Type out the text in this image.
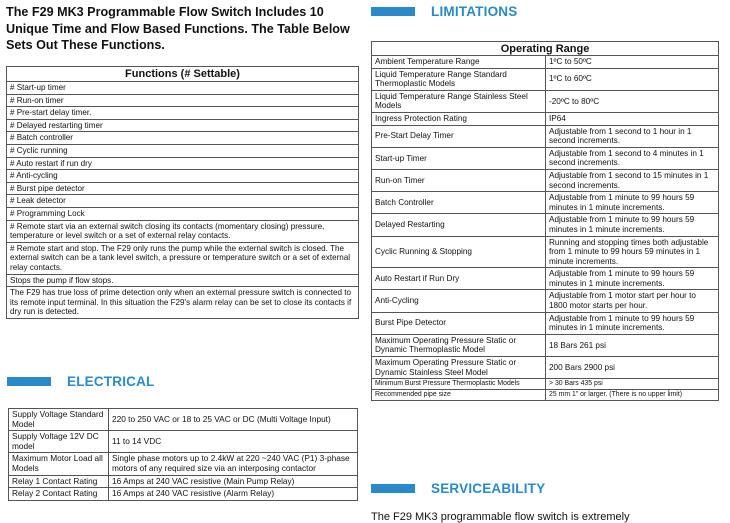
The F29 MK3 Programmable Flow Switch Includes 10 Unique Time and Flow Based Functions. The Table Below Sets Out These Functions.
Functions (# Settable)
# Start-up timer
# Run-on timer
# Pre-start delay timer.
# Delayed restarting timer
# Batch controller
# Cyclic running
# Auto restart if run dry
# Anti-cycling
# Burst pipe detector
# Leak detector
# Programming Lock
# Remote start via an external switch closing its contacts (momentary closing) pressure, temperature or level switch or a set of external relay contacts.
# Remote start and stop. The F29 only runs the pump while the external switch is closed. The external switch can be a tank level switch, a pressure or temperature switch or a set of external relay contacts.
Stops the pump if flow stops.
The F29 has true loss of prime detection only when an external pressure switch is connected to its remote input terminal. In this situation the F29's alarm relay can be set to close its contacts if dry run is detected.
ELECTRICAL
Supply Voltage Standard Model	220 to 250 VAC or 18 to 25 VAC or DC (Multi Voltage Input)
Supply Voltage 12V DC model	11 to 14 VDC
Maximum Motor Load all Models	Single phase motors up to 2.4kW at 220 ~240 VAC (P1) 3-phase motors of any required size via an interposing contactor
Relay 1 Contact Rating	16 Amps at 240 VAC resistive (Main Pump Relay)
Relay 2 Contact Rating	16 Amps at 240 VAC resistive (Alarm Relay)
LIMITATIONS
Operating Range	
Ambient Temperature Range	1ºC to 50ºC
Liquid Temperature Range Standard Thermoplastic Models	1ºC to 60ºC
Liquid Temperature Range Stainless Steel Models	-20ºC to 80ºC
Ingress Protection Rating	IP64
Pre-Start Delay Timer	Adjustable from 1 second to 1 hour in 1 second increments.
Start-up Timer	Adjustable from 1 second to 4 minutes in 1 second increments.
Run-on Timer	Adjustable from 1 second to 15 minutes in 1 second increments.
Batch Controller	Adjustable from 1 minute to 99 hours 59 minutes in 1 minute increments.
Delayed Restarting	Adjustable from 1 minute to 99 hours 59 minutes in 1 minute increments.
Cyclic Running & Stopping	Running and stopping times both adjustable from 1 minute to 99 hours 59 minutes in 1 minute increments.
Auto Restart if Run Dry	Adjustable from 1 minute to 99 hours 59 minutes in 1 minute increments.
Anti-Cycling	Adjustable from 1 motor start per hour to 1800 motor starts per hour.
Burst Pipe Detector	Adjustable from 1 minute to 99 hours 59 minutes in 1 minute increments.
Maximum Operating Pressure Static or Dynamic Thermoplastic Model	18 Bars 261 psi
Maximum Operating Pressure Static or Dynamic Stainless Steel Model	200 Bars 2900 psi
Minimum Burst Pressure Thermoplastic Models	> 30 Bars 435 psi
Recommended pipe size	25 mm 1" or larger. (There is no upper limit)
SERVICEABILITY
The F29 MK3 programmable flow switch is extremely
